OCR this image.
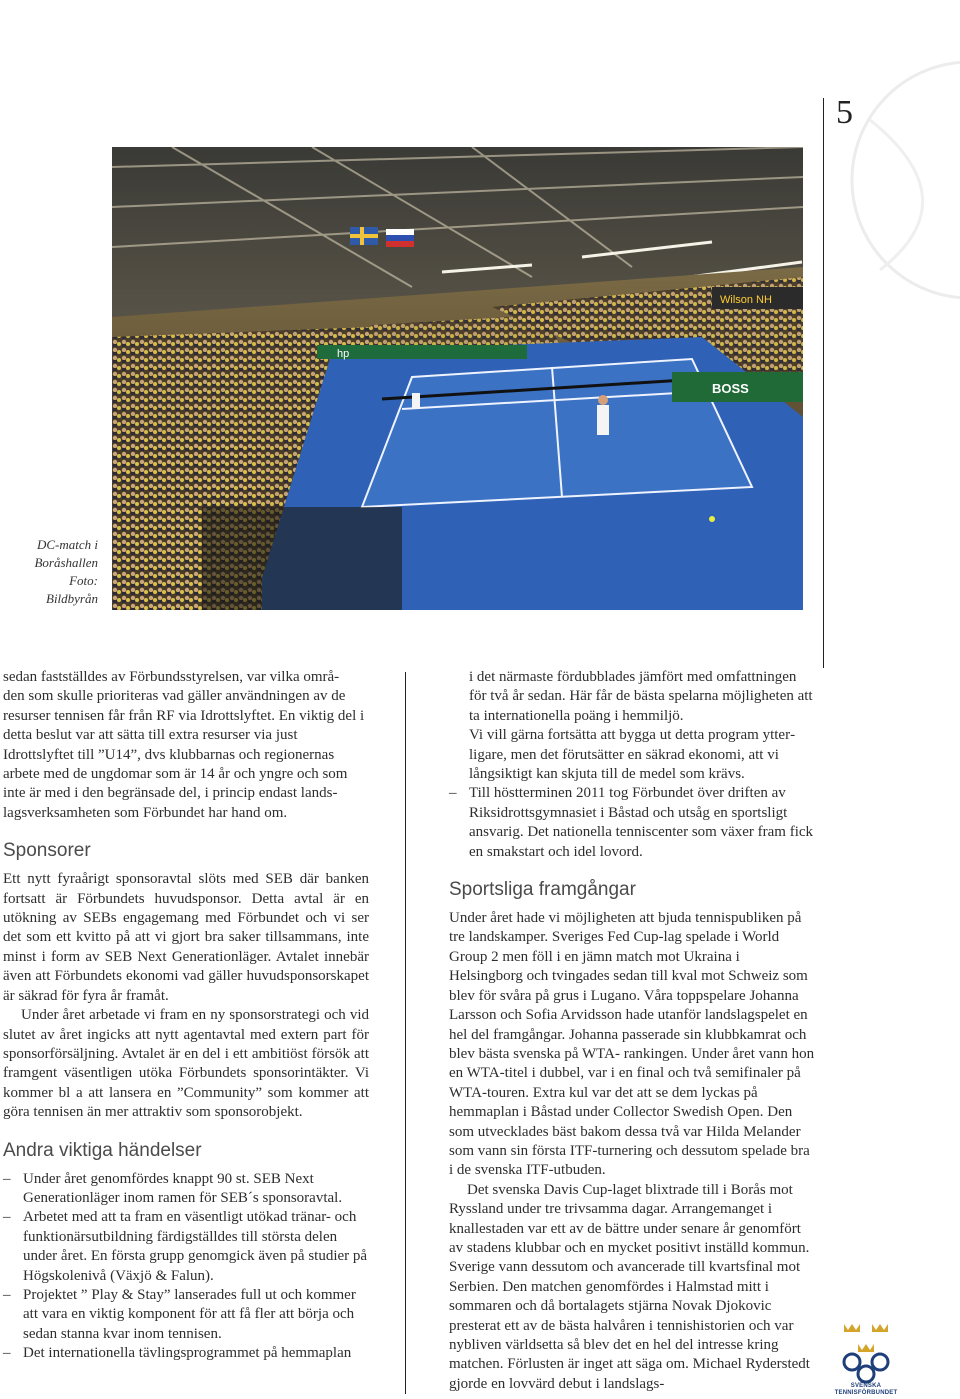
5
DC-match i
Boråshallen
Foto:
Bildbyrån
hp
BOSS
Wilson NH

sedan fastställdes av Förbundsstyrelsen, var vilka områ-
den som skulle prioriteras vad gäller användningen av de
resurser tennisen får från RF via Idrottslyftet. En viktig del i detta beslut var att sätta till extra resurser via just Idrottslyftet till ”U14”, dvs klubbarnas och regionernas arbete med de ungdomar som är 14 år och yngre och som inte är med i den begränsade del, i princip endast landslagsverksamheten som Förbundet har hand om.

Sponsorer

Ett nytt fyraårigt sponsoravtal slöts med SEB där banken fortsatt är Förbundets huvudsponsor. Detta avtal är en utökning av SEBs engagemang med Förbundet och vi ser det som ett kvitto på att vi gjort bra saker tillsammans, inte minst i form av SEB Next Generationläger. Avtalet innebär även att Förbundets ekonomi vad gäller huvudsponsorskapet är säkrad för fyra år framåt.

Under året arbetade vi fram en ny sponsorstrategi och vid slutet av året ingicks att nytt agentavtal med extern part för sponsorförsäljning. Avtalet är en del i ett ambitiöst försök att framgent väsentligen utöka Förbundets sponsorintäkter. Vi kommer bl a att lansera en ”Community” som kommer att göra tennisen än mer attraktiv som sponsorobjekt.

Andra viktiga händelser
– Under året genomfördes knappt 90 st. SEB Next Generationläger inom ramen för SEB´s sponsoravtal.
– Arbetet med att ta fram en väsentligt utökad tränar- och funktionärsutbildning färdigställdes till största delen under året. En första grupp genomgick även på studier på Högskolenivå (Växjö & Falun).
– Projektet ” Play & Stay” lanserades full ut och kommer att vara en viktig komponent för att få fler att börja och sedan stanna kvar inom tennisen.
– Det internationella tävlingsprogrammet på hemmaplan

i det närmaste fördubblades jämfört med omfattningen för två år sedan. Här får de bästa spelarna möjligheten att ta internationella poäng i hemmiljö.

Vi vill gärna fortsätta att bygga ut detta program ytterligare, men det förutsätter en säkrad ekonomi, att vi långsiktigt kan skjuta till de medel som krävs.

– Till höstterminen 2011 tog Förbundet över driften av Riksidrottsgymnasiet i Båstad och utsåg en sportsligt ansvarig. Det nationella tenniscenter som växer fram fick en smakstart och idel lovord.
Sportsliga framgångar

Under året hade vi möjligheten att bjuda tennispubliken på tre landskamper. Sveriges Fed Cup-lag spelade i World Group 2 men föll i en jämn match mot Ukraina i Helsingborg och tvingades sedan till kval mot Schweiz som blev för svåra på grus i Lugano. Våra toppspelare Johanna Larsson och Sofia Arvidsson hade utanför landslagspelet en hel del framgångar. Johanna passerade sin klubbkamrat och blev bästa svenska på WTA- rankingen. Under året vann hon en WTA-titel i dubbel, var i en final och två semifinaler på WTA-touren. Extra kul var det att se dem lyckas på hemmaplan i Båstad under Collector Swedish Open. Den som utvecklades bäst bakom dessa två var Hilda Melander som vann sin första ITF-turnering och dessutom spelade bra i de svenska ITF-utbuden.

Det svenska Davis Cup-laget blixtrade till i Borås mot Ryssland under tre trivsamma dagar. Arrangemanget i knallestaden var ett av de bättre under senare år genomfört av stadens klubbar och en mycket positivt inställd kommun. Sverige vann dessutom och avancerade till kvartsfinal mot Serbien. Den matchen genomfördes i Halmstad mitt i sommaren och då bortalagets stjärna Novak Djokovic presterat ett av de bästa halvåren i tennishistorien och var nybliven världsetta så blev det en hel del intresse kring matchen. Förlusten är inget att säga om. Michael Ryderstedt gjorde en lovvärd debut i landslags-	SVENSKA
TENNISFÖRBUNDET
